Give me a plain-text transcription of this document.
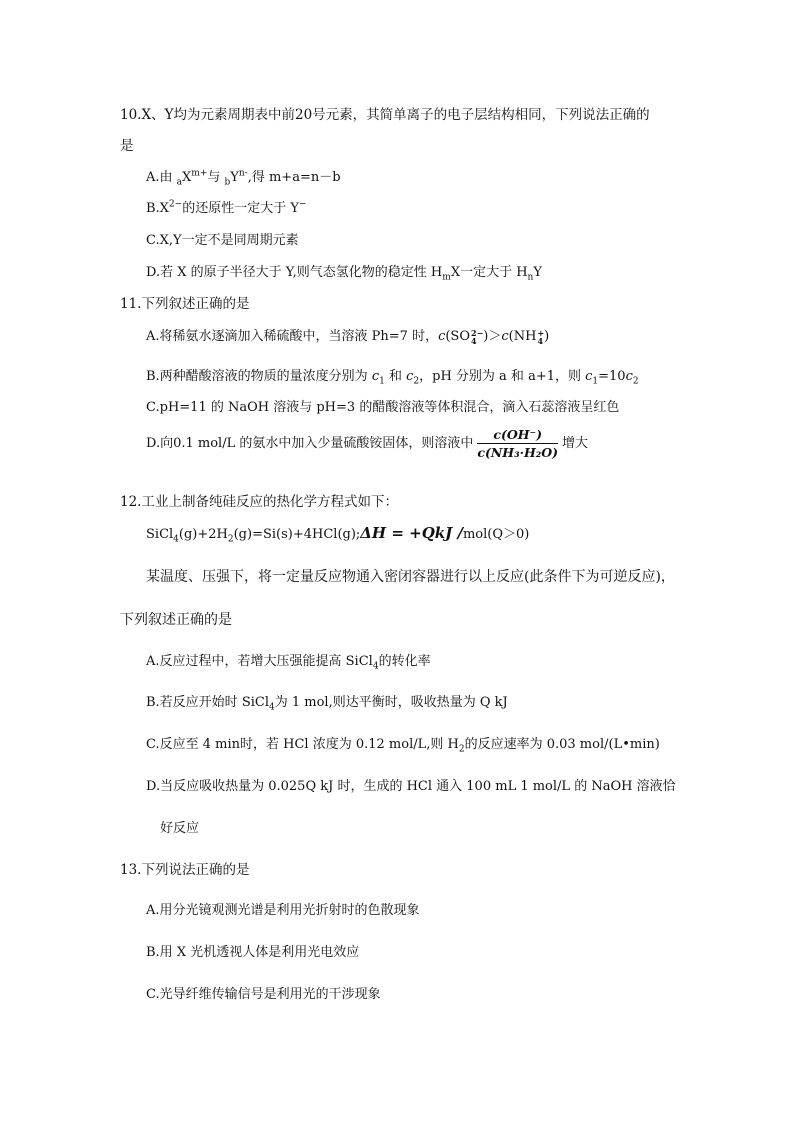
10.X、Y均为元素周期表中前20号元素，其简单离子的电子层结构相同，下列说法正确的
是
A.由 $_aX^{m+}$与 $_bY^{n-}$,得 m+a=n－b
$B.X^{2-}$的还原性一定大于 Y−
C.X,Y一定不是同周期元素
D.若 X 的原子半径大于 Y,则气态氢化物的稳定性 $H_mX$一定大于 $H_nY$
11.下列叙述正确的是
A.将稀氨水逐滴加入稀硫酸中，当溶液 Ph=7 时，c(SO 2−
4 )＞c(NH +
4 )
B.两种醋酸溶液的物质的量浓度分别为 $c_1$ 和 $c_2$，pH 分别为 a 和 a+1，则 $c_1=10c_2$
C.pH=11 的 NaOH 溶液与 pH=3 的醋酸溶液等体积混合，滴入石蕊溶液呈红色
D.向0.1 mol/L 的氨水中加入少量硫酸铵固体，则溶液中 $\frac{c(OH^-)}{\text{c(NH₃·H₂O)}}$ 增大
12.工业上制备纯硅反应的热化学方程式如下：
$SiCl_4(g)+2H_2(g)=Si(s)+4HCl(g);\Delta H = +QkJ$ /mol(Q＞0)
某温度、压强下，将一定量反应物通入密闭容器进行以上反应(此条件下为可逆反应)，
下列叙述正确的是
A.反应过程中，若增大压强能提高 SiCl$_4$的转化率
B.若反应开始时 SiCl$_4$为 1 mol,则达平衡时，吸收热量为 Q kJ
C.反应至 4 min时，若 HCl 浓度为 0.12 mol/L,则 $H_2$的反应速率为 0.03 mol/(L•min)
D.当反应吸收热量为 0.025Q kJ 时，生成的 HCl 通入 100 mL 1 mol/L 的 NaOH 溶液恰
好反应
13.下列说法正确的是
A.用分光镜观测光谱是利用光折射时的色散现象
B.用 X 光机透视人体是利用光电效应
C.光导纤维传输信号是利用光的干涉现象
